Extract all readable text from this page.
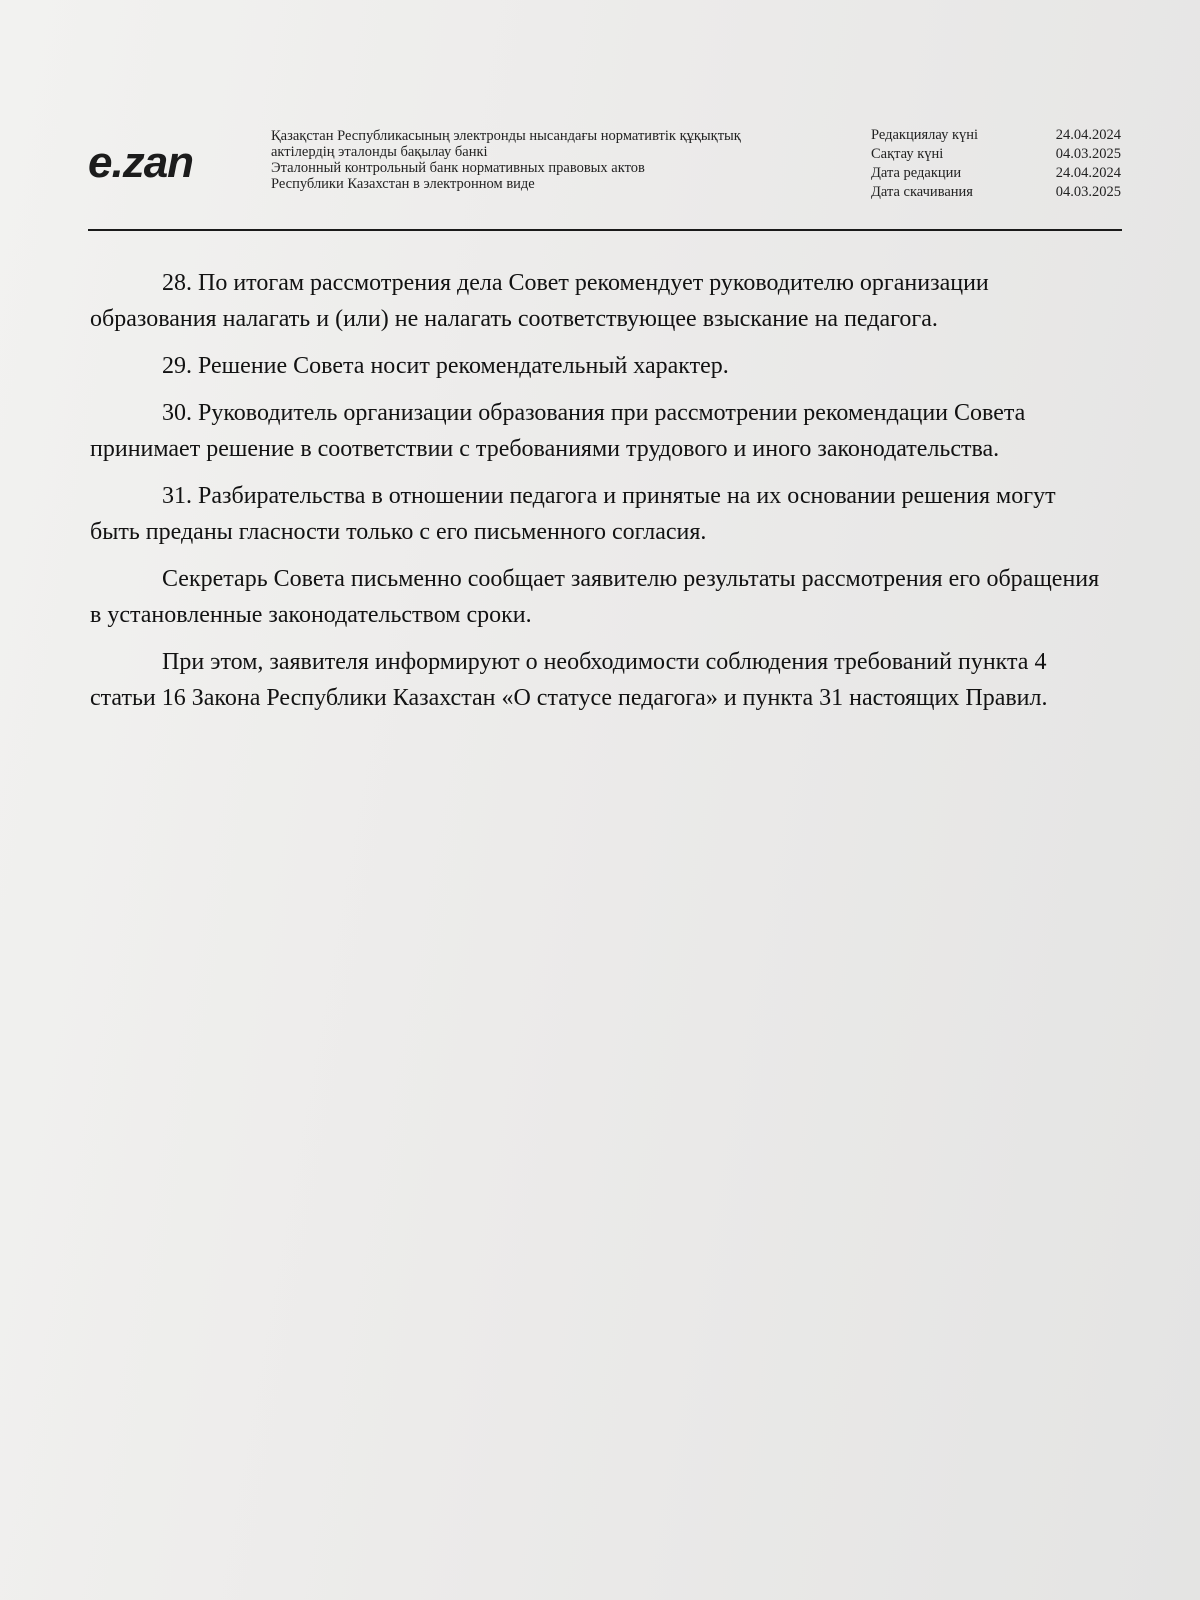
e.zan
Қазақстан Республикасының электронды нысандағы нормативтік құқықтық
актілердің эталонды бақылау банкі
Эталонный контрольный банк нормативных правовых актов
Республики Казахстан в электронном виде
Редакциялау күні	24.04.2024
Сақтау күні	04.03.2025
Дата редакции	24.04.2024
Дата скачивания	04.03.2025

28. По итогам рассмотрения дела Совет рекомендует руководителю организации образования налагать и (или) не налагать соответствующее взыскание на педагога.

29. Решение Совета носит рекомендательный характер.

30. Руководитель организации образования при рассмотрении рекомендации Совета принимает решение в соответствии с требованиями трудового и иного законодательства.

31. Разбирательства в отношении педагога и принятые на их основании решения могут быть преданы гласности только с его письменного согласия.

Секретарь Совета письменно сообщает заявителю результаты рассмотрения его обращения в установленные законодательством сроки.

При этом, заявителя информируют о необходимости соблюдения требований пункта 4 статьи 16 Закона Республики Казахстан «О статусе педагога» и пункта 31 настоящих Правил.
